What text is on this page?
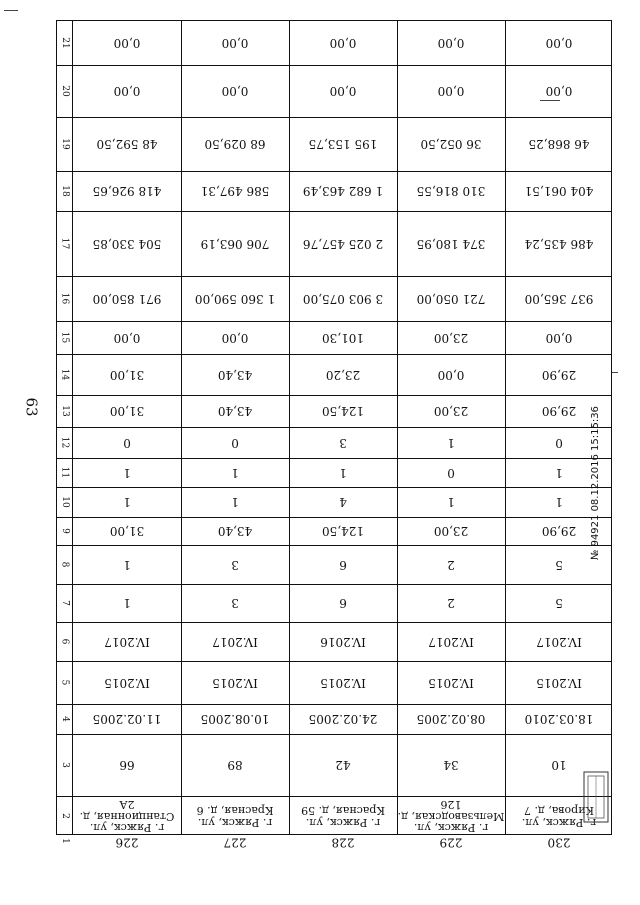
63
21
20
19
18
17
16
15
14
13
12
11
10
9
8
7
6
5
4
3
2
1
0,00
0,00
48 592,50
418 926,65
504 330,85
971 850,00
0,00
31,00
31,00
0
1
1
31,00
1
1
IV.2017
IV.2015
11.02.2005
66
г. Ряжск, ул. Станционная, д. 2А
226
0,00
0,00
68 029,50
586 497,31
706 063,19
1 360 590,00
0,00
43,40
43,40
0
1
1
43,40
3
3
IV.2017
IV.2015
10.08.2005
89
г. Ряжск, ул. Красная, д. 6
227
0,00
0,00
195 153,75
1 682 463,49
2 025 457,76
3 903 075,00
101,30
23,20
124,50
3
1
4
124,50
6
6
IV.2016
IV.2015
24.02.2005
42
г. Ряжск, ул. Красная, д. 59
228
0,00
0,00
36 052,50
310 816,55
374 180,95
721 050,00
23,00
0,00
23,00
1
0
1
23,00
2
2
IV.2017
IV.2015
08.02.2005
34
г. Ряжск, ул. Мельзаводская, д. 126
229
0,00
0,00
46 868,25
404 061,51
486 435,24
937 365,00
0,00
29,90
29,90
0
1
1
29,90
5
5
IV.2017
IV.2015
18.03.2010
10
г. Ряжск, ул. Кирова, д. 7
230
№ 94921 08.12.2016 15:15:36
